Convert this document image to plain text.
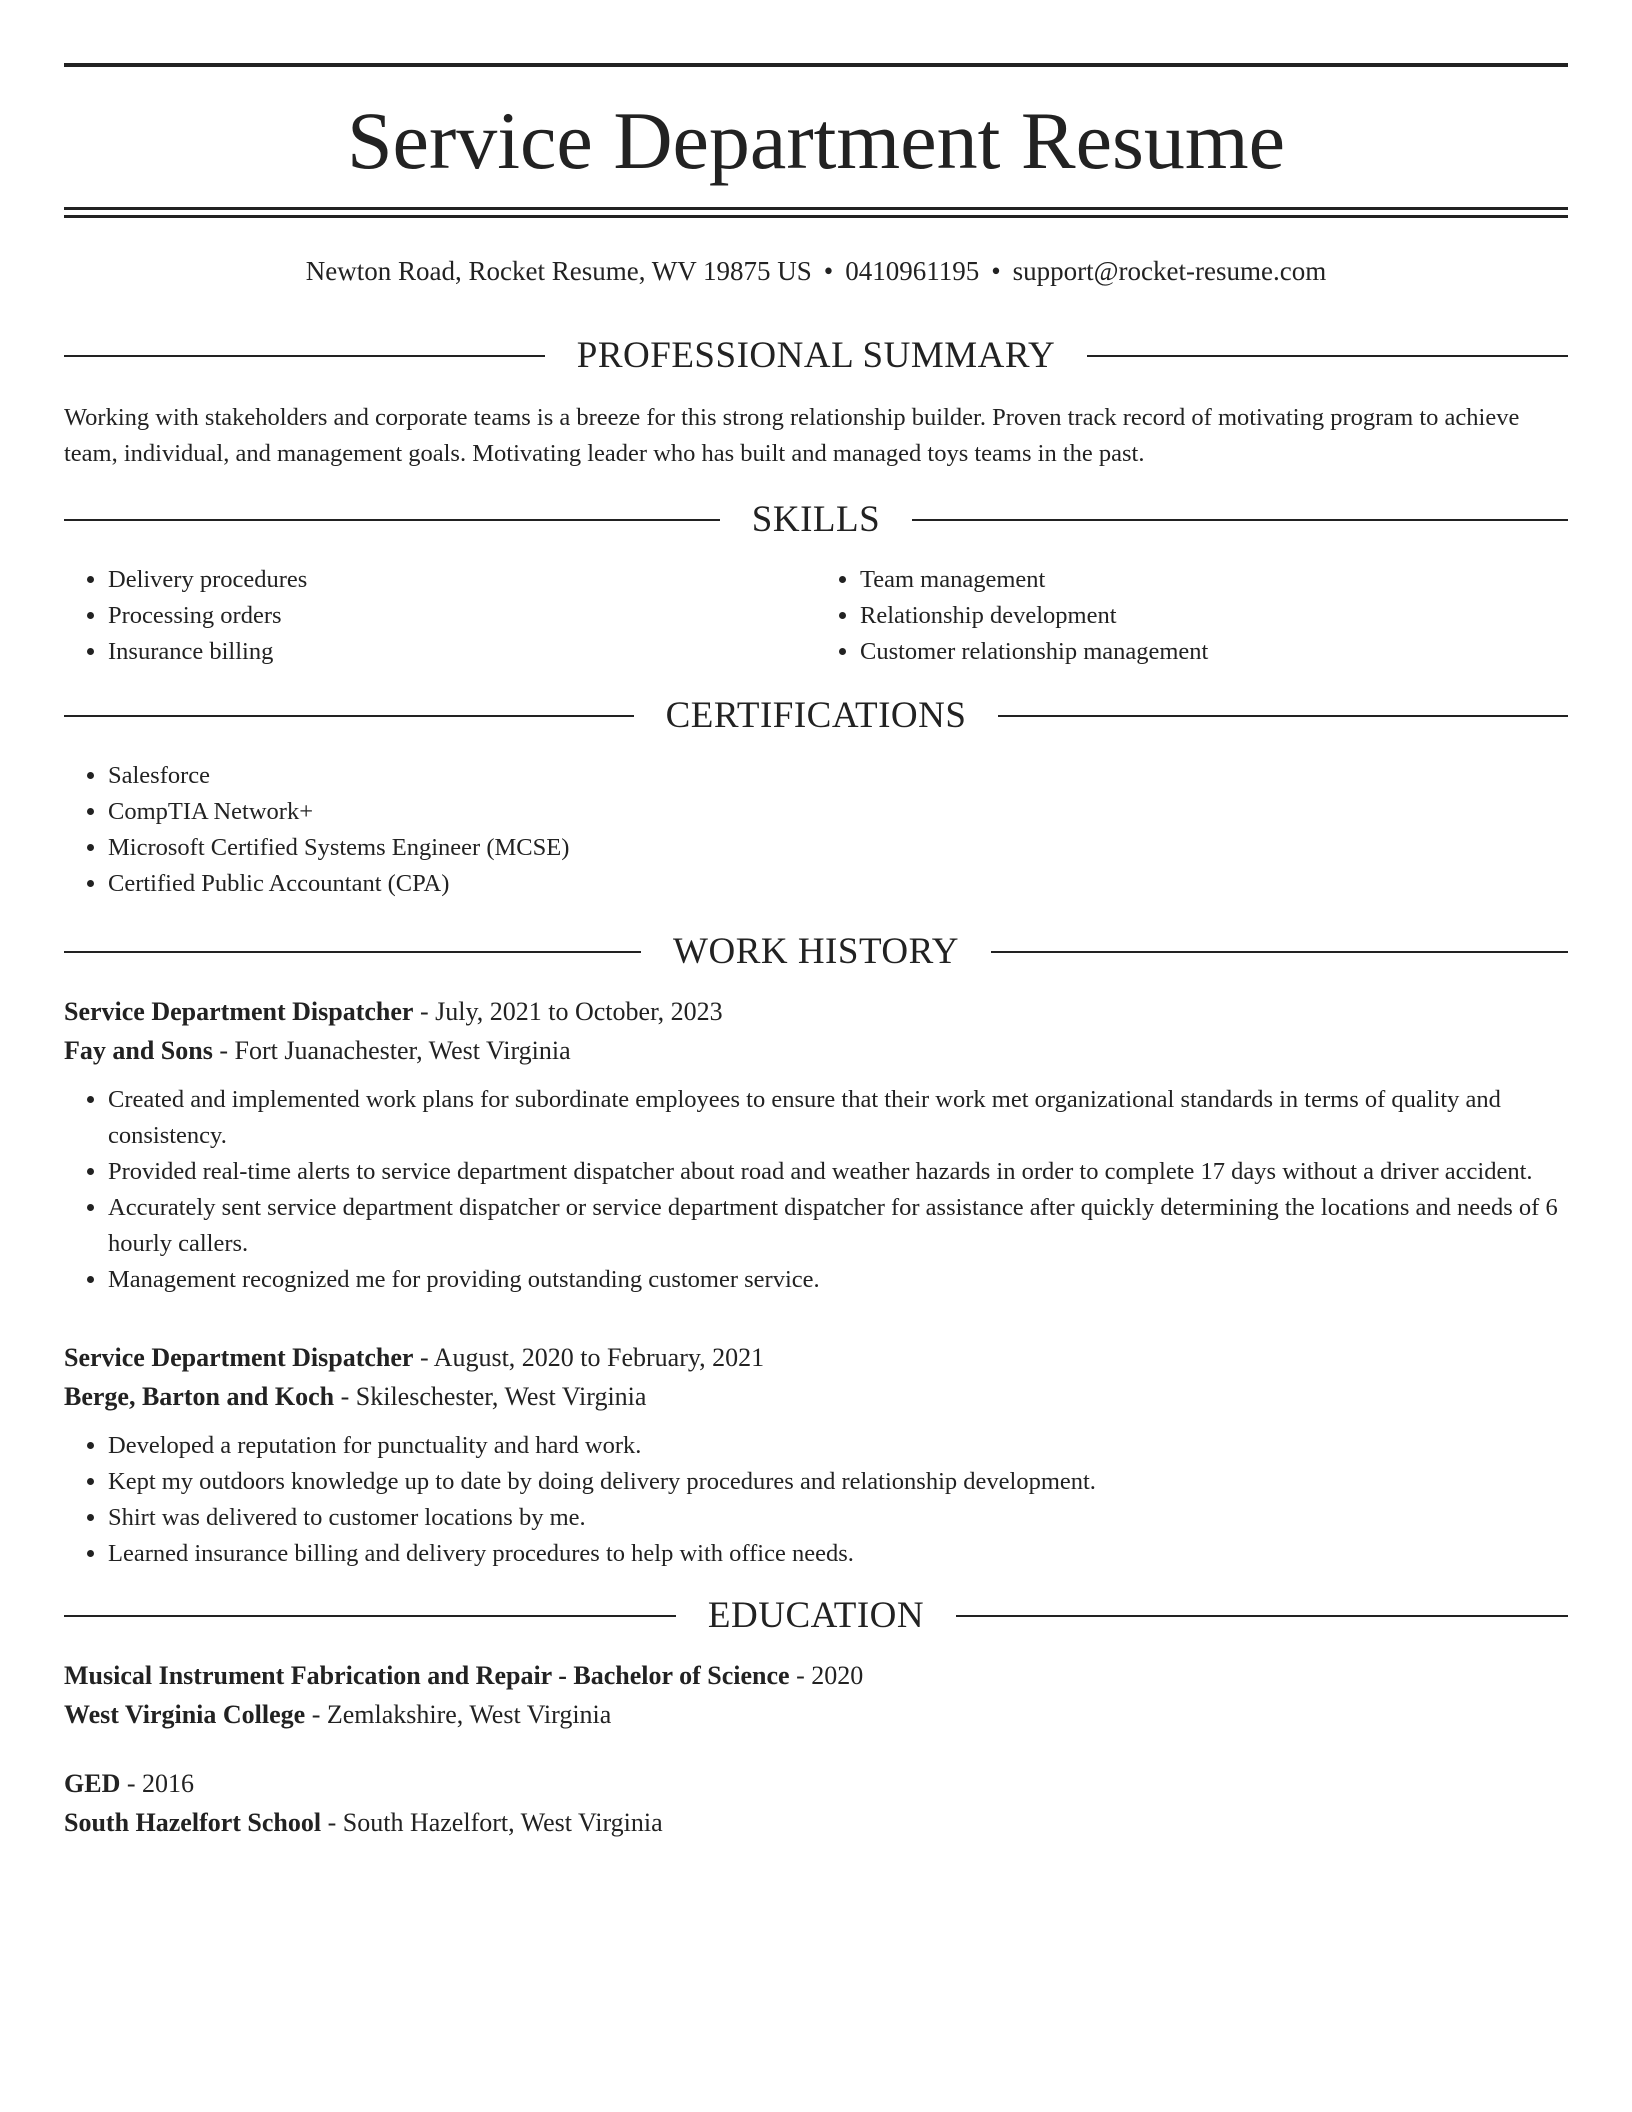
Service Department Resume
Newton Road, Rocket Resume, WV 19875 US • 0410961195 • support@rocket-resume.com
PROFESSIONAL SUMMARY

Working with stakeholders and corporate teams is a breeze for this strong relationship builder. Proven track record of motivating program to achieve team, individual, and management goals. Motivating leader who has built and managed toys teams in the past.

SKILLS
• Delivery procedures
• Processing orders
• Insurance billing
• Team management
• Relationship development
• Customer relationship management
CERTIFICATIONS
• Salesforce
• CompTIA Network+
• Microsoft Certified Systems Engineer (MCSE)
• Certified Public Accountant (CPA)
WORK HISTORY
Service Department Dispatcher - July, 2021 to October, 2023
Fay and Sons - Fort Juanachester, West Virginia
• Created and implemented work plans for subordinate employees to ensure that their work met organizational standards in terms of quality and consistency.
• Provided real-time alerts to service department dispatcher about road and weather hazards in order to complete 17 days without a driver accident.
• Accurately sent service department dispatcher or service department dispatcher for assistance after quickly determining the locations and needs of 6 hourly callers.
• Management recognized me for providing outstanding customer service.
Service Department Dispatcher - August, 2020 to February, 2021
Berge, Barton and Koch - Skileschester, West Virginia
• Developed a reputation for punctuality and hard work.
• Kept my outdoors knowledge up to date by doing delivery procedures and relationship development.
• Shirt was delivered to customer locations by me.
• Learned insurance billing and delivery procedures to help with office needs.
EDUCATION
Musical Instrument Fabrication and Repair - Bachelor of Science - 2020
West Virginia College - Zemlakshire, West Virginia
GED - 2016
South Hazelfort School - South Hazelfort, West Virginia
